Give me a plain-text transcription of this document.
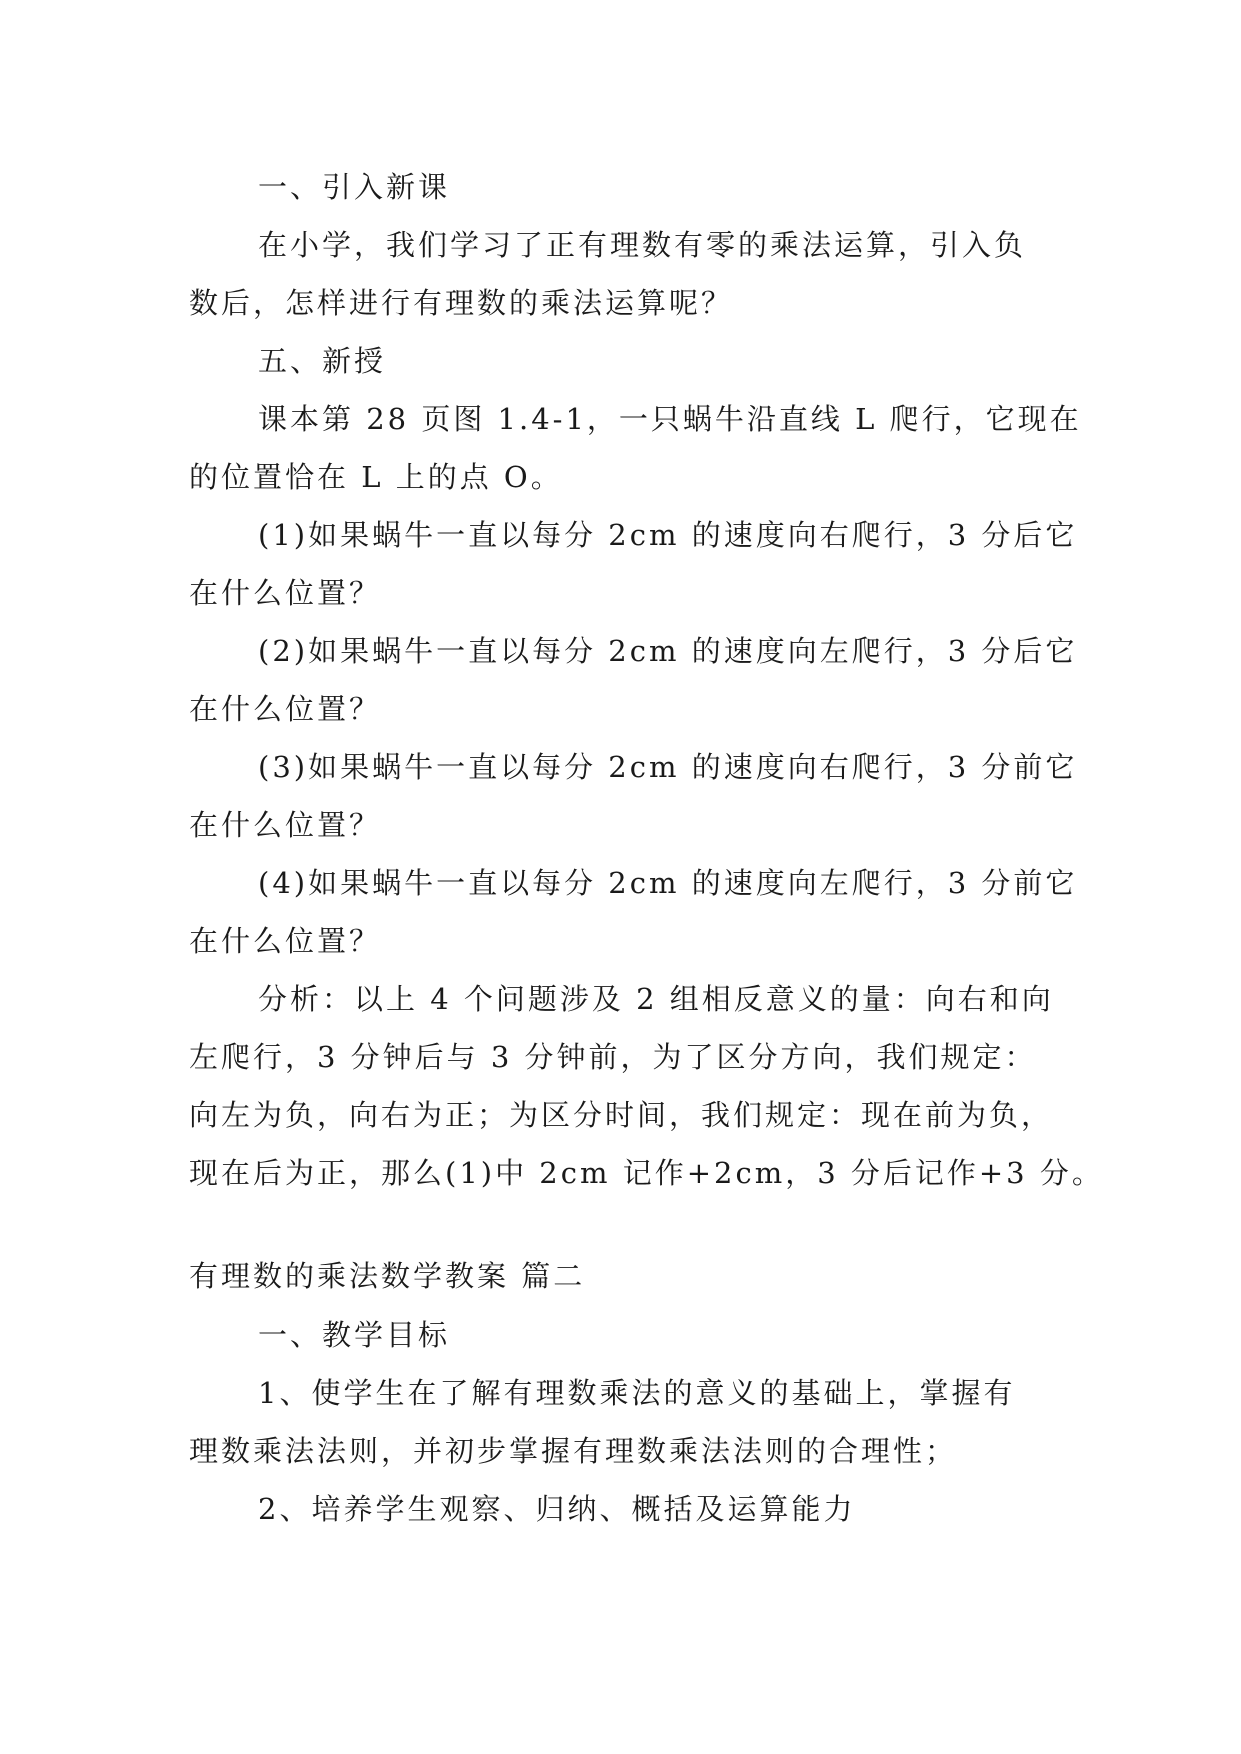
一、引入新课
在小学，我们学习了正有理数有零的乘法运算，引入负
数后，怎样进行有理数的乘法运算呢？
五、新授
课本第 28 页图 1.4-1，一只蜗牛沿直线 L 爬行，它现在
的位置恰在 L 上的点 O。
(1)如果蜗牛一直以每分 2cm 的速度向右爬行，3 分后它
在什么位置？
(2)如果蜗牛一直以每分 2cm 的速度向左爬行，3 分后它
在什么位置？
(3)如果蜗牛一直以每分 2cm 的速度向右爬行，3 分前它
在什么位置？
(4)如果蜗牛一直以每分 2cm 的速度向左爬行，3 分前它
在什么位置？
分析：以上 4 个问题涉及 2 组相反意义的量：向右和向
左爬行，3 分钟后与 3 分钟前，为了区分方向，我们规定：
向左为负，向右为正；为区分时间，我们规定：现在前为负，
现在后为正，那么(1)中 2cm 记作+2cm，3 分后记作+3 分。
有理数的乘法数学教案 篇二
一、教学目标
1、使学生在了解有理数乘法的意义的基础上，掌握有
理数乘法法则，并初步掌握有理数乘法法则的合理性；
2、培养学生观察、归纳、概括及运算能力
